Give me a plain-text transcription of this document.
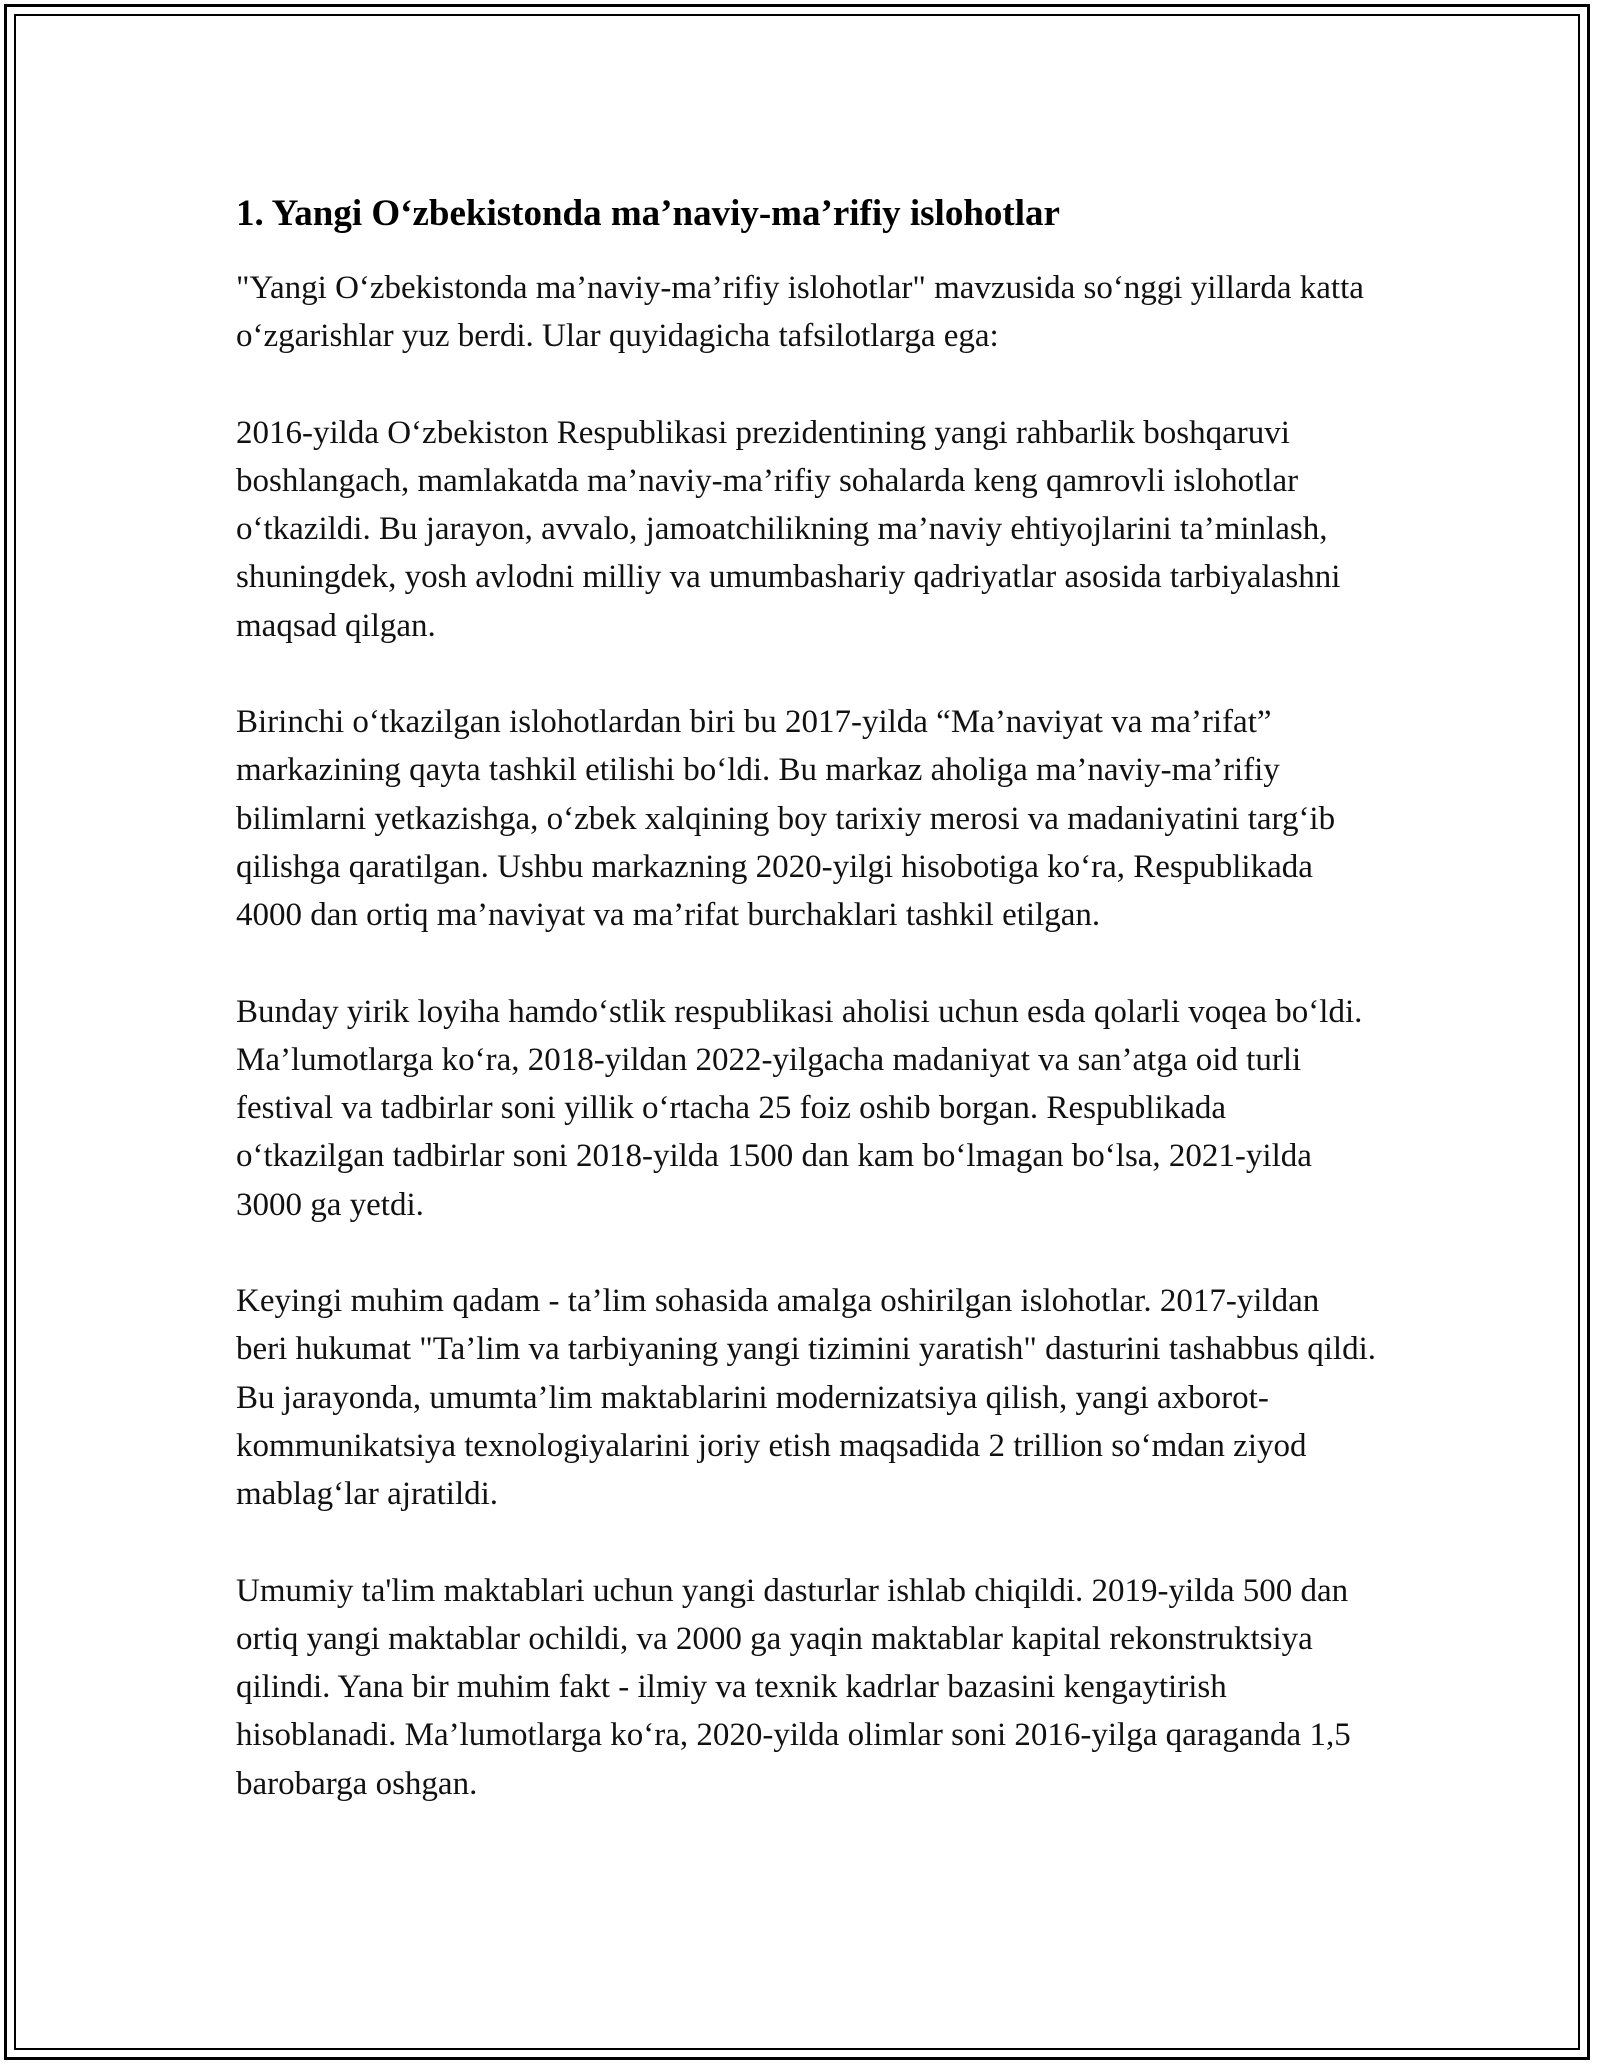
1. Yangi O‘zbekistonda ma’naviy-ma’rifiy islohotlar

"Yangi O‘zbekistonda ma’naviy-ma’rifiy islohotlar" mavzusida so‘nggi yillarda katta o‘zgarishlar yuz berdi. Ular quyidagicha tafsilotlarga ega:

2016-yilda O‘zbekiston Respublikasi prezidentining yangi rahbarlik boshqaruvi boshlangach, mamlakatda ma’naviy-ma’rifiy sohalarda keng qamrovli islohotlar o‘tkazildi. Bu jarayon, avvalo, jamoatchilikning ma’naviy ehtiyojlarini ta’minlash, shuningdek, yosh avlodni milliy va umumbashariy qadriyatlar asosida tarbiyalashni maqsad qilgan.

Birinchi o‘tkazilgan islohotlardan biri bu 2017-yilda “Ma’naviyat va ma’rifat” markazining qayta tashkil etilishi bo‘ldi. Bu markaz aholiga ma’naviy-ma’rifiy bilimlarni yetkazishga, o‘zbek xalqining boy tarixiy merosi va madaniyatini targ‘ib qilishga qaratilgan. Ushbu markazning 2020-yilgi hisobotiga ko‘ra, Respublikada 4000 dan ortiq ma’naviyat va ma’rifat burchaklari tashkil etilgan.

Bunday yirik loyiha hamdo‘stlik respublikasi aholisi uchun esda qolarli voqea bo‘ldi. Ma’lumotlarga ko‘ra, 2018-yildan 2022-yilgacha madaniyat va san’atga oid turli festival va tadbirlar soni yillik o‘rtacha 25 foiz oshib borgan. Respublikada o‘tkazilgan tadbirlar soni 2018-yilda 1500 dan kam bo‘lmagan bo‘lsa, 2021-yilda 3000 ga yetdi.

Keyingi muhim qadam - ta’lim sohasida amalga oshirilgan islohotlar. 2017-yildan beri hukumat "Ta’lim va tarbiyaning yangi tizimini yaratish" dasturini tashabbus qildi. Bu jarayonda, umumta’lim maktablarini modernizatsiya qilish, yangi axborot-kommunikatsiya texnologiyalarini joriy etish maqsadida 2 trillion so‘mdan ziyod mablag‘lar ajratildi.

Umumiy ta'lim maktablari uchun yangi dasturlar ishlab chiqildi. 2019-yilda 500 dan ortiq yangi maktablar ochildi, va 2000 ga yaqin maktablar kapital rekonstruktsiya qilindi. Yana bir muhim fakt - ilmiy va texnik kadrlar bazasini kengaytirish hisoblanadi. Ma’lumotlarga ko‘ra, 2020-yilda olimlar soni 2016-yilga qaraganda 1,5 barobarga oshgan.
